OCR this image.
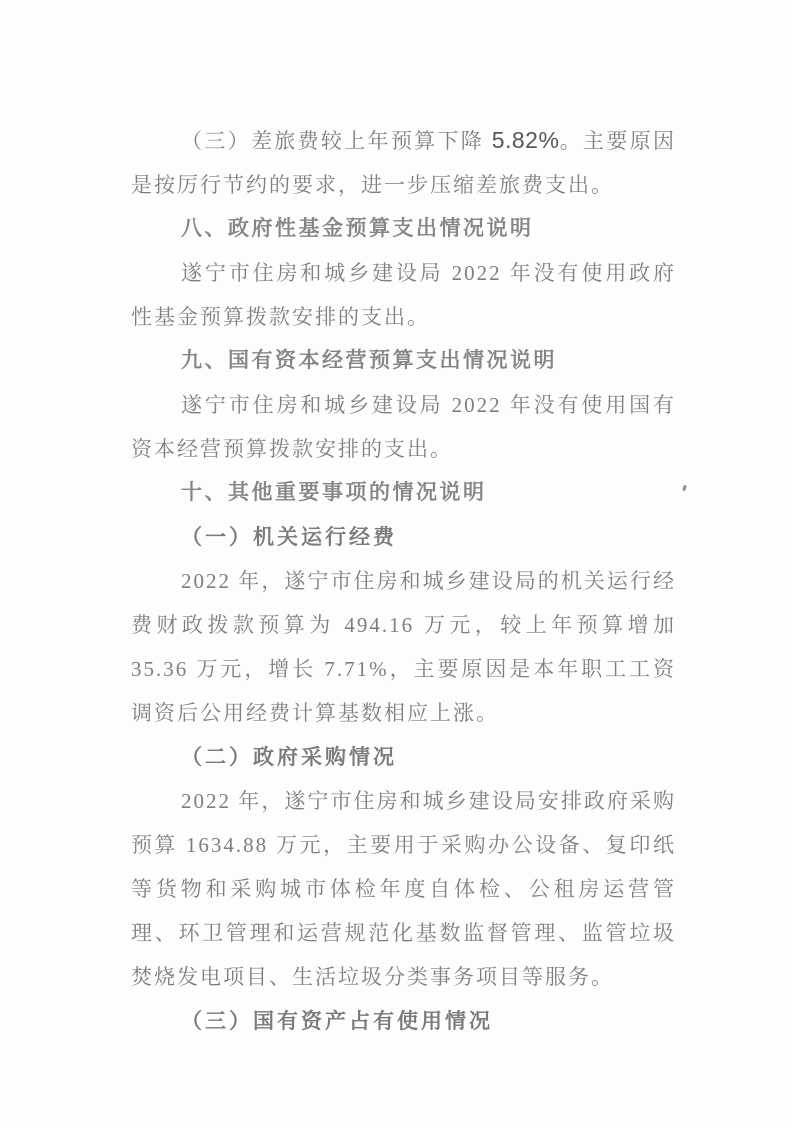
（三）差旅费较上年预算下降 5.82%。主要原因是按厉行节约的要求，进一步压缩差旅费支出。

八、政府性基金预算支出情况说明

遂宁市住房和城乡建设局 2022 年没有使用政府性基金预算拨款安排的支出。

九、国有资本经营预算支出情况说明

遂宁市住房和城乡建设局 2022 年没有使用国有资本经营预算拨款安排的支出。

十、其他重要事项的情况说明

（一）机关运行经费

2022 年，遂宁市住房和城乡建设局的机关运行经费财政拨款预算为 494.16 万元，较上年预算增加 35.36 万元，增长 7.71%，主要原因是本年职工工资调资后公用经费计算基数相应上涨。

（二）政府采购情况

2022 年，遂宁市住房和城乡建设局安排政府采购预算 1634.88 万元，主要用于采购办公设备、复印纸等货物和采购城市体检年度自体检、公租房运营管理、环卫管理和运营规范化基数监督管理、监管垃圾焚烧发电项目、生活垃圾分类事务项目等服务。

（三）国有资产占有使用情况
